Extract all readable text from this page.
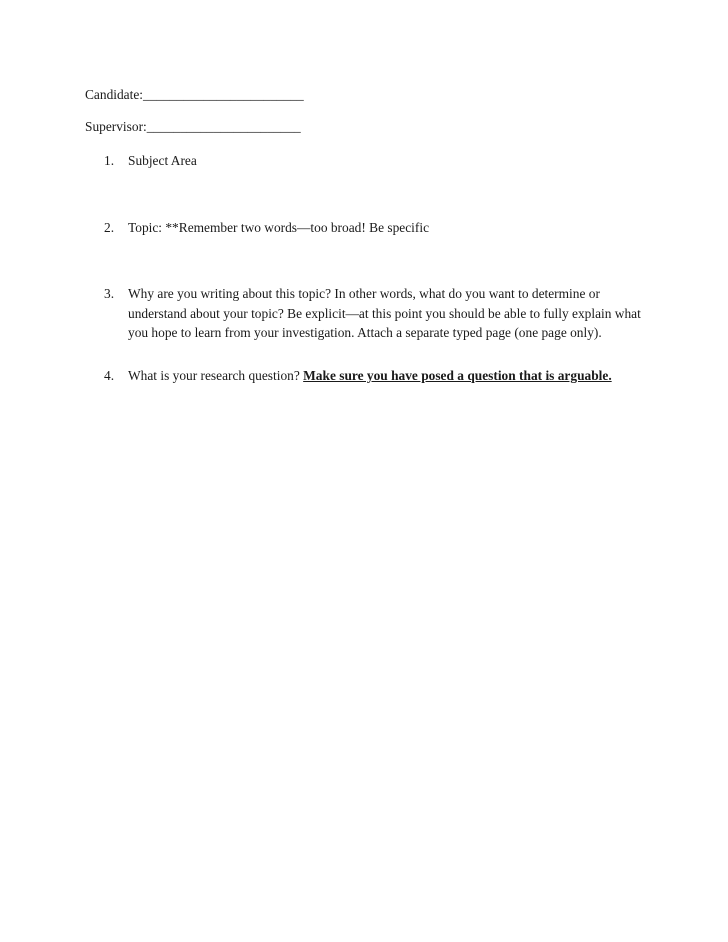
Candidate:________________________
Supervisor:_______________________
1.	Subject Area
2.	Topic: **Remember two words—too broad! Be specific
3.	Why are you writing about this topic? In other words, what do you want to determine or understand about your topic? Be explicit—at this point you should be able to fully explain what you hope to learn from your investigation. Attach a separate typed page (one page only).
4.	What is your research question? Make sure you have posed a question that is arguable.
